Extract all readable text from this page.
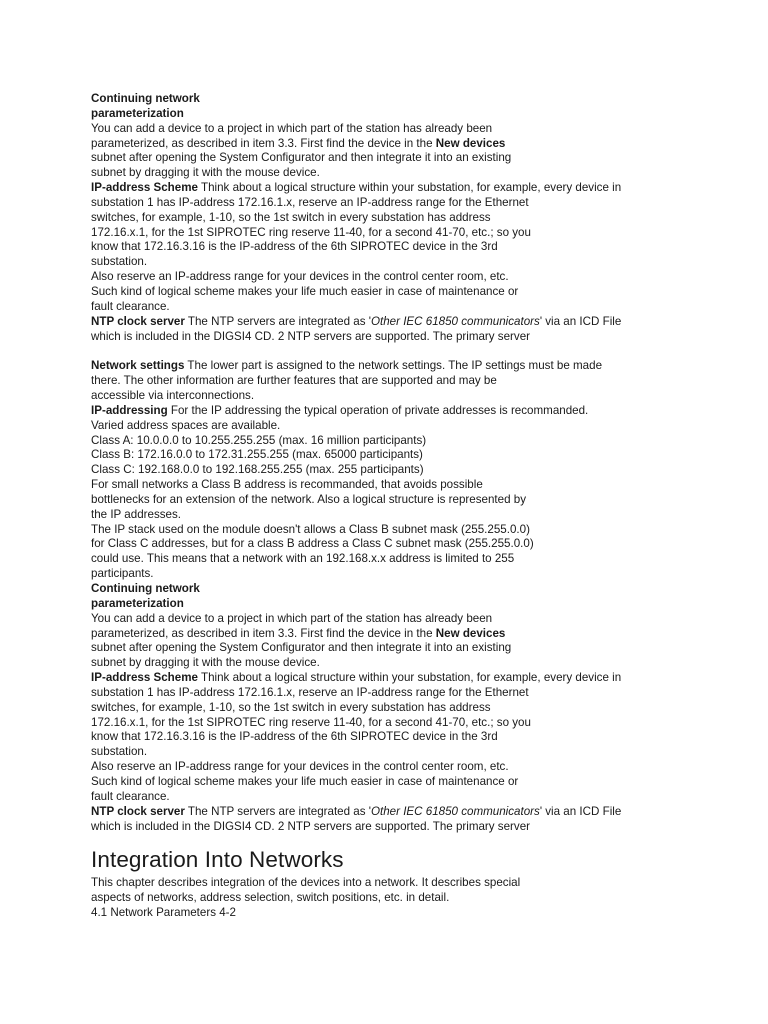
Continuing network
parameterization
You can add a device to a project in which part of the station has already been
parameterized, as described in item 3.3. First find the device in the New devices
subnet after opening the System Configurator and then integrate it into an existing
subnet by dragging it with the mouse device.
IP-address Scheme Think about a logical structure within your substation, for example, every device in
substation 1 has IP-address 172.16.1.x, reserve an IP-address range for the Ethernet
switches, for example, 1-10, so the 1st switch in every substation has address
172.16.x.1, for the 1st SIPROTEC ring reserve 11-40, for a second 41-70, etc.; so you
know that 172.16.3.16 is the IP-address of the 6th SIPROTEC device in the 3rd
substation.
Also reserve an IP-address range for your devices in the control center room, etc.
Such kind of logical scheme makes your life much easier in case of maintenance or
fault clearance.
NTP clock server The NTP servers are integrated as 'Other IEC 61850 communicators' via an ICD File
which is included in the DIGSI4 CD. 2 NTP servers are supported. The primary server
Network settings The lower part is assigned to the network settings. The IP settings must be made
there. The other information are further features that are supported and may be
accessible via interconnections.
IP-addressing For the IP addressing the typical operation of private addresses is recommanded.
Varied address spaces are available.
Class A: 10.0.0.0 to 10.255.255.255 (max. 16 million participants)
Class B: 172.16.0.0 to 172.31.255.255 (max. 65000 participants)
Class C: 192.168.0.0 to 192.168.255.255 (max. 255 participants)
For small networks a Class B address is recommanded, that avoids possible
bottlenecks for an extension of the network. Also a logical structure is represented by
the IP addresses.
The IP stack used on the module doesn't allows a Class B subnet mask (255.255.0.0)
for Class C addresses, but for a class B address a Class C subnet mask (255.255.0.0)
could use. This means that a network with an 192.168.x.x address is limited to 255
participants.
Continuing network
parameterization
You can add a device to a project in which part of the station has already been
parameterized, as described in item 3.3. First find the device in the New devices
subnet after opening the System Configurator and then integrate it into an existing
subnet by dragging it with the mouse device.
IP-address Scheme Think about a logical structure within your substation, for example, every device in
substation 1 has IP-address 172.16.1.x, reserve an IP-address range for the Ethernet
switches, for example, 1-10, so the 1st switch in every substation has address
172.16.x.1, for the 1st SIPROTEC ring reserve 11-40, for a second 41-70, etc.; so you
know that 172.16.3.16 is the IP-address of the 6th SIPROTEC device in the 3rd
substation.
Also reserve an IP-address range for your devices in the control center room, etc.
Such kind of logical scheme makes your life much easier in case of maintenance or
fault clearance.
NTP clock server The NTP servers are integrated as 'Other IEC 61850 communicators' via an ICD File
which is included in the DIGSI4 CD. 2 NTP servers are supported. The primary server
Integration Into Networks
This chapter describes integration of the devices into a network. It describes special
aspects of networks, address selection, switch positions, etc. in detail.
4.1 Network Parameters 4-2
